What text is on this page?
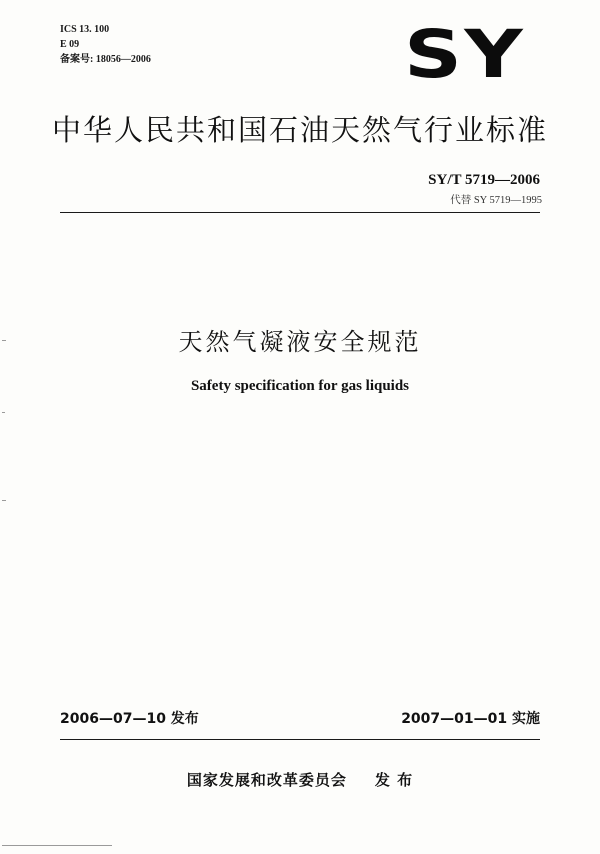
ICS 13. 100
E 09
备案号: 18056—2006	SY
中华人民共和国石油天然气行业标准
SY/T 5719—2006
代替 SY 5719—1995
天然气凝液安全规范
Safety specification for gas liquids
2006—07—10 发布	2007—01—01 实施
国家发展和改革委员会 发 布
